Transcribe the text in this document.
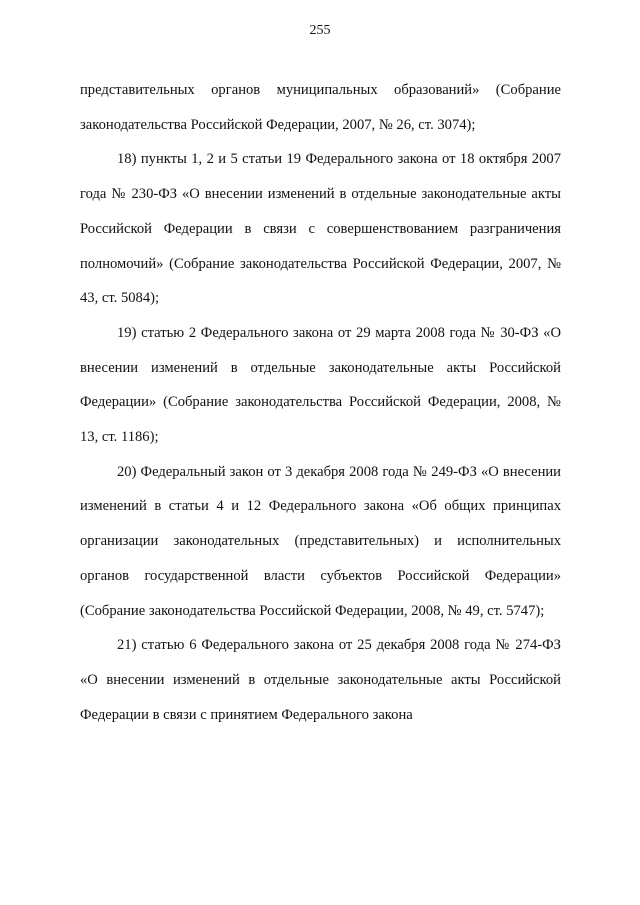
255

представительных органов муниципальных образований» (Собрание законодательства Российской Федерации, 2007, № 26, ст. 3074);

18) пункты 1, 2 и 5 статьи 19 Федерального закона от 18 октября 2007 года № 230-ФЗ «О внесении изменений в отдельные законодательные акты Российской Федерации в связи с совершенствованием разграничения полномочий» (Собрание законодательства Российской Федерации, 2007, № 43, ст. 5084);

19) статью 2 Федерального закона от 29 марта 2008 года № 30-ФЗ «О внесении изменений в отдельные законодательные акты Российской Федерации» (Собрание законодательства Российской Федерации, 2008, № 13, ст. 1186);

20) Федеральный закон от 3 декабря 2008 года № 249-ФЗ «О внесении изменений в статьи 4 и 12 Федерального закона «Об общих принципах организации законодательных (представительных) и исполнительных органов государственной власти субъектов Российской Федерации» (Собрание законодательства Российской Федерации, 2008, № 49, ст. 5747);

21) статью 6 Федерального закона от 25 декабря 2008 года № 274-ФЗ «О внесении изменений в отдельные законодательные акты Российской Федерации в связи с принятием Федерального закона
